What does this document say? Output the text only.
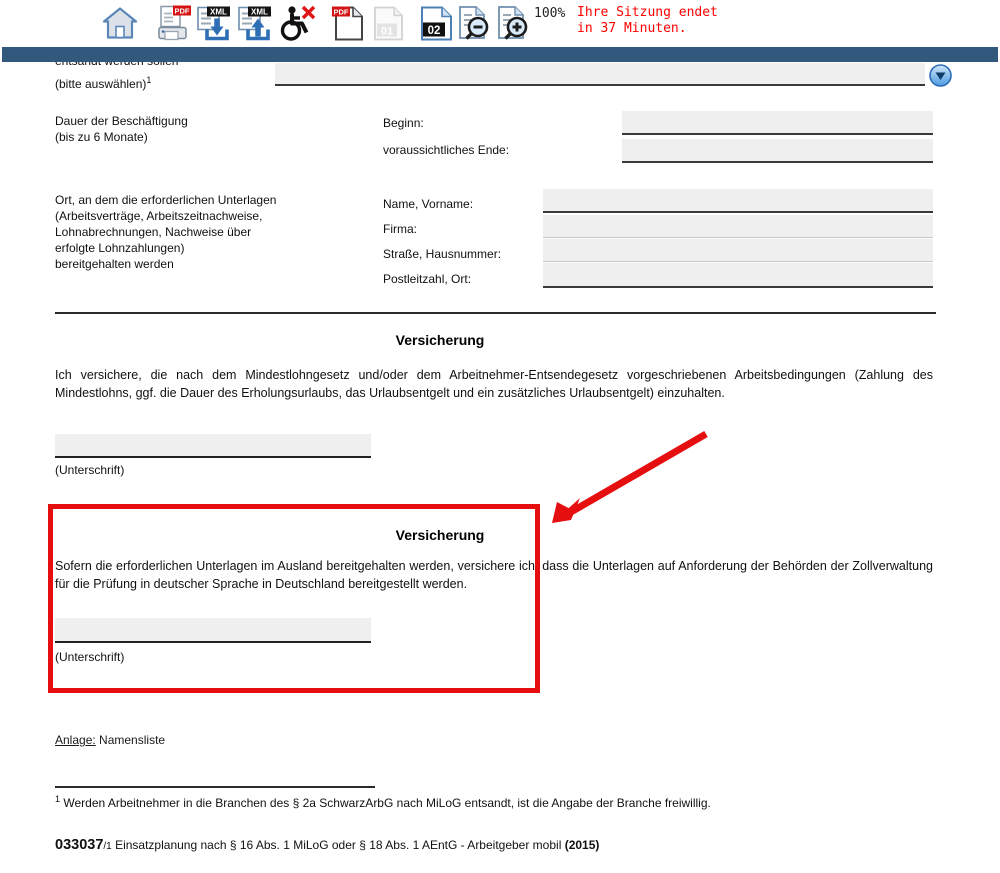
PDF	XML	XML	PDF
01	02
100% Ihre Sitzung endet
in 37 Minuten.
(bitte auswählen)$^1$
Dauer der Beschäftigung
(bis zu 6 Monate)
Beginn:
voraussichtliches Ende:
Ort, an dem die erforderlichen Unterlagen
(Arbeitsverträge, Arbeitszeitnachweise,
Lohnabrechnungen, Nachweise über
erfolgte Lohnzahlungen)
bereitgehalten werden
Name, Vorname:
Firma:
Straße, Hausnummer:
Postleitzahl, Ort:
Versicherung
Ich versichere, die nach dem Mindestlohngesetz und/oder dem Arbeitnehmer-Entsendegesetz vorgeschriebenen Arbeitsbedingungen (Zahlung des Mindestlohns, ggf. die Dauer des Erholungsurlaubs, das Urlaubsentgelt und ein zusätzliches Urlaubsentgelt) einzuhalten.
(Unterschrift)
Versicherung
Sofern die erforderlichen Unterlagen im Ausland bereitgehalten werden, versichere ich, dass die Unterlagen auf Anforderung der Behörden der Zollverwaltung für die Prüfung in deutscher Sprache in Deutschland bereitgestellt werden.
(Unterschrift)
Anlage: Namensliste
$^1$ Werden Arbeitnehmer in die Branchen des § 2a SchwarzArbG nach MiLoG entsandt, ist die Angabe der Branche freiwillig.
033037/1 Einsatzplanung nach § 16 Abs. 1 MiLoG oder § 18 Abs. 1 AEntG - Arbeitgeber mobil (2015)
